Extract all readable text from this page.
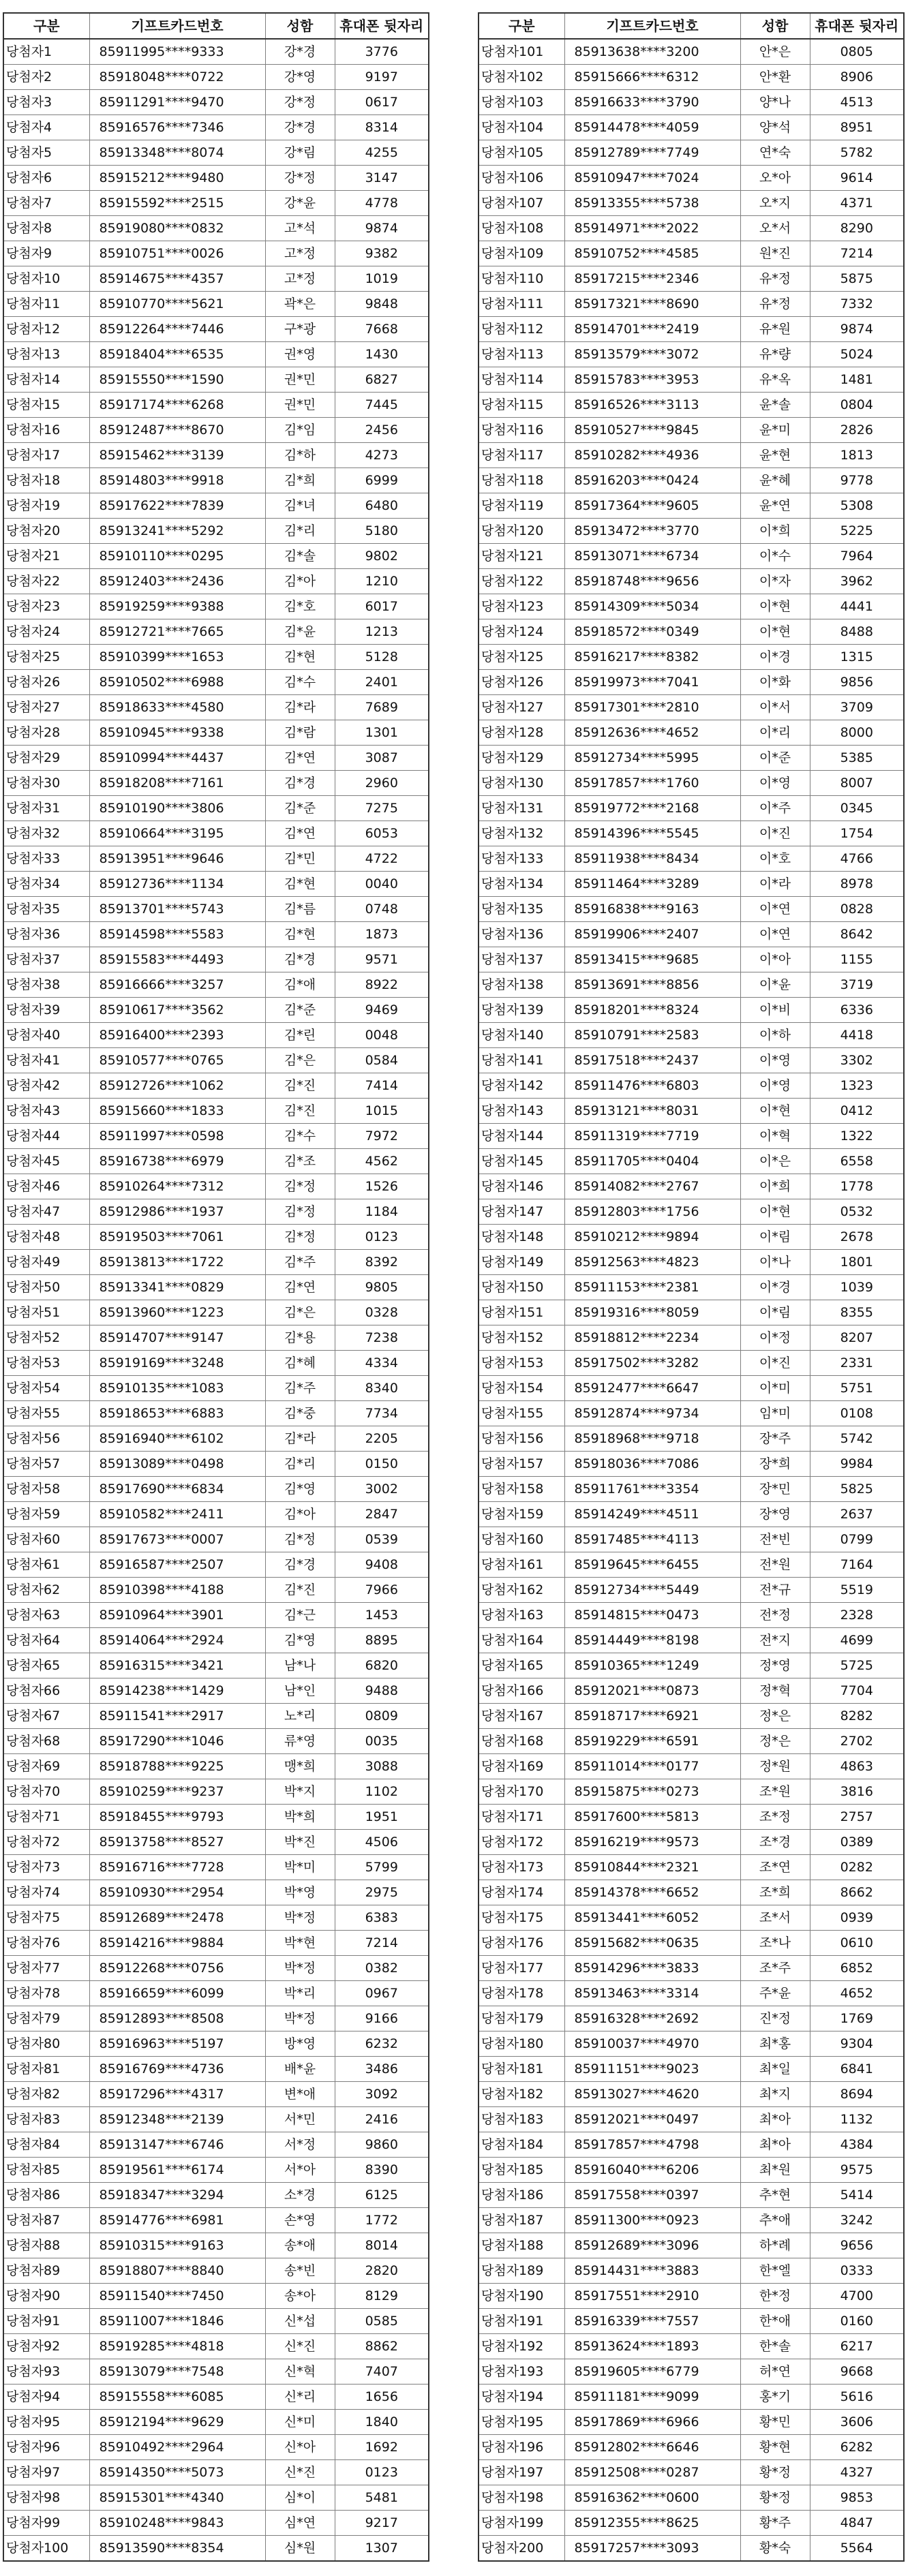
구분	기프트카드번호	성함	휴대폰 뒷자리
당첨자1	85911995****9333	강*경	3776
당첨자2	85918048****0722	강*영	9197
당첨자3	85911291****9470	강*정	0617
당첨자4	85916576****7346	강*경	8314
당첨자5	85913348****8074	강*림	4255
당첨자6	85915212****9480	강*정	3147
당첨자7	85915592****2515	강*윤	4778
당첨자8	85919080****0832	고*석	9874
당첨자9	85910751****0026	고*정	9382
당첨자10	85914675****4357	고*정	1019
당첨자11	85910770****5621	곽*은	9848
당첨자12	85912264****7446	구*광	7668
당첨자13	85918404****6535	권*영	1430
당첨자14	85915550****1590	권*민	6827
당첨자15	85917174****6268	권*민	7445
당첨자16	85912487****8670	김*임	2456
당첨자17	85915462****3139	김*하	4273
당첨자18	85914803****9918	김*희	6999
당첨자19	85917622****7839	김*녀	6480
당첨자20	85913241****5292	김*리	5180
당첨자21	85910110****0295	김*솔	9802
당첨자22	85912403****2436	김*아	1210
당첨자23	85919259****9388	김*호	6017
당첨자24	85912721****7665	김*윤	1213
당첨자25	85910399****1653	김*현	5128
당첨자26	85910502****6988	김*수	2401
당첨자27	85918633****4580	김*라	7689
당첨자28	85910945****9338	김*람	1301
당첨자29	85910994****4437	김*연	3087
당첨자30	85918208****7161	김*경	2960
당첨자31	85910190****3806	김*준	7275
당첨자32	85910664****3195	김*연	6053
당첨자33	85913951****9646	김*민	4722
당첨자34	85912736****1134	김*현	0040
당첨자35	85913701****5743	김*름	0748
당첨자36	85914598****5583	김*현	1873
당첨자37	85915583****4493	김*경	9571
당첨자38	85916666****3257	김*애	8922
당첨자39	85910617****3562	김*준	9469
당첨자40	85916400****2393	김*린	0048
당첨자41	85910577****0765	김*은	0584
당첨자42	85912726****1062	김*진	7414
당첨자43	85915660****1833	김*진	1015
당첨자44	85911997****0598	김*수	7972
당첨자45	85916738****6979	김*조	4562
당첨자46	85910264****7312	김*정	1526
당첨자47	85912986****1937	김*정	1184
당첨자48	85919503****7061	김*정	0123
당첨자49	85913813****1722	김*주	8392
당첨자50	85913341****0829	김*연	9805
당첨자51	85913960****1223	김*은	0328
당첨자52	85914707****9147	김*용	7238
당첨자53	85919169****3248	김*혜	4334
당첨자54	85910135****1083	김*주	8340
당첨자55	85918653****6883	김*중	7734
당첨자56	85916940****6102	김*라	2205
당첨자57	85913089****0498	김*리	0150
당첨자58	85917690****6834	김*영	3002
당첨자59	85910582****2411	김*아	2847
당첨자60	85917673****0007	김*정	0539
당첨자61	85916587****2507	김*경	9408
당첨자62	85910398****4188	김*진	7966
당첨자63	85910964****3901	김*근	1453
당첨자64	85914064****2924	김*영	8895
당첨자65	85916315****3421	남*나	6820
당첨자66	85914238****1429	남*인	9488
당첨자67	85911541****2917	노*리	0809
당첨자68	85917290****1046	류*영	0035
당첨자69	85918788****9225	맹*희	3088
당첨자70	85910259****9237	박*지	1102
당첨자71	85918455****9793	박*희	1951
당첨자72	85913758****8527	박*진	4506
당첨자73	85916716****7728	박*미	5799
당첨자74	85910930****2954	박*영	2975
당첨자75	85912689****2478	박*정	6383
당첨자76	85914216****9884	박*현	7214
당첨자77	85912268****0756	박*정	0382
당첨자78	85916659****6099	박*리	0967
당첨자79	85912893****8508	박*정	9166
당첨자80	85916963****5197	방*영	6232
당첨자81	85916769****4736	배*윤	3486
당첨자82	85917296****4317	변*애	3092
당첨자83	85912348****2139	서*민	2416
당첨자84	85913147****6746	서*정	9860
당첨자85	85919561****6174	서*아	8390
당첨자86	85918347****3294	소*경	6125
당첨자87	85914776****6981	손*영	1772
당첨자88	85910315****9163	송*애	8014
당첨자89	85918807****8840	송*빈	2820
당첨자90	85911540****7450	송*아	8129
당첨자91	85911007****1846	신*섭	0585
당첨자92	85919285****4818	신*진	8862
당첨자93	85913079****7548	신*혁	7407
당첨자94	85915558****6085	신*리	1656
당첨자95	85912194****9629	신*미	1840
당첨자96	85910492****2964	신*아	1692
당첨자97	85914350****5073	신*진	0123
당첨자98	85915301****4340	심*이	5481
당첨자99	85910248****9843	심*연	9217
당첨자100	85913590****8354	심*원	1307
구분	기프트카드번호	성함	휴대폰 뒷자리
당첨자101	85913638****3200	안*은	0805
당첨자102	85915666****6312	안*환	8906
당첨자103	85916633****3790	양*나	4513
당첨자104	85914478****4059	양*석	8951
당첨자105	85912789****7749	연*숙	5782
당첨자106	85910947****7024	오*아	9614
당첨자107	85913355****5738	오*지	4371
당첨자108	85914971****2022	오*서	8290
당첨자109	85910752****4585	원*진	7214
당첨자110	85917215****2346	유*정	5875
당첨자111	85917321****8690	유*정	7332
당첨자112	85914701****2419	유*원	9874
당첨자113	85913579****3072	유*량	5024
당첨자114	85915783****3953	유*옥	1481
당첨자115	85916526****3113	윤*솔	0804
당첨자116	85910527****9845	윤*미	2826
당첨자117	85910282****4936	윤*현	1813
당첨자118	85916203****0424	윤*혜	9778
당첨자119	85917364****9605	윤*연	5308
당첨자120	85913472****3770	이*희	5225
당첨자121	85913071****6734	이*수	7964
당첨자122	85918748****9656	이*자	3962
당첨자123	85914309****5034	이*현	4441
당첨자124	85918572****0349	이*현	8488
당첨자125	85916217****8382	이*경	1315
당첨자126	85919973****7041	이*화	9856
당첨자127	85917301****2810	이*서	3709
당첨자128	85912636****4652	이*리	8000
당첨자129	85912734****5995	이*준	5385
당첨자130	85917857****1760	이*영	8007
당첨자131	85919772****2168	이*주	0345
당첨자132	85914396****5545	이*진	1754
당첨자133	85911938****8434	이*호	4766
당첨자134	85911464****3289	이*라	8978
당첨자135	85916838****9163	이*연	0828
당첨자136	85919906****2407	이*연	8642
당첨자137	85913415****9685	이*아	1155
당첨자138	85913691****8856	이*윤	3719
당첨자139	85918201****8324	이*비	6336
당첨자140	85910791****2583	이*하	4418
당첨자141	85917518****2437	이*영	3302
당첨자142	85911476****6803	이*영	1323
당첨자143	85913121****8031	이*현	0412
당첨자144	85911319****7719	이*혁	1322
당첨자145	85911705****0404	이*은	6558
당첨자146	85914082****2767	이*희	1778
당첨자147	85912803****1756	이*현	0532
당첨자148	85910212****9894	이*림	2678
당첨자149	85912563****4823	이*나	1801
당첨자150	85911153****2381	이*경	1039
당첨자151	85919316****8059	이*림	8355
당첨자152	85918812****2234	이*정	8207
당첨자153	85917502****3282	이*진	2331
당첨자154	85912477****6647	이*미	5751
당첨자155	85912874****9734	임*미	0108
당첨자156	85918968****9718	장*주	5742
당첨자157	85918036****7086	장*희	9984
당첨자158	85911761****3354	장*민	5825
당첨자159	85914249****4511	장*영	2637
당첨자160	85917485****4113	전*빈	0799
당첨자161	85919645****6455	전*원	7164
당첨자162	85912734****5449	전*규	5519
당첨자163	85914815****0473	전*정	2328
당첨자164	85914449****8198	전*지	4699
당첨자165	85910365****1249	정*영	5725
당첨자166	85912021****0873	정*혁	7704
당첨자167	85918717****6921	정*은	8282
당첨자168	85919229****6591	정*은	2702
당첨자169	85911014****0177	정*원	4863
당첨자170	85915875****0273	조*원	3816
당첨자171	85917600****5813	조*정	2757
당첨자172	85916219****9573	조*경	0389
당첨자173	85910844****2321	조*연	0282
당첨자174	85914378****6652	조*희	8662
당첨자175	85913441****6052	조*서	0939
당첨자176	85915682****0635	조*나	0610
당첨자177	85914296****3833	조*주	6852
당첨자178	85913463****3314	주*윤	4652
당첨자179	85916328****2692	진*정	1769
당첨자180	85910037****4970	최*홍	9304
당첨자181	85911151****9023	최*일	6841
당첨자182	85913027****4620	최*지	8694
당첨자183	85912021****0497	최*아	1132
당첨자184	85917857****4798	최*아	4384
당첨자185	85916040****6206	최*원	9575
당첨자186	85917558****0397	추*현	5414
당첨자187	85911300****0923	추*애	3242
당첨자188	85912689****3096	하*례	9656
당첨자189	85914431****3883	한*엘	0333
당첨자190	85917551****2910	한*정	4700
당첨자191	85916339****7557	한*애	0160
당첨자192	85913624****1893	한*솔	6217
당첨자193	85919605****6779	허*연	9668
당첨자194	85911181****9099	홍*기	5616
당첨자195	85917869****6966	황*민	3606
당첨자196	85912802****6646	황*현	6282
당첨자197	85912508****0287	황*정	4327
당첨자198	85916362****0600	황*정	9853
당첨자199	85912355****8625	황*주	4847
당첨자200	85917257****3093	황*숙	5564
